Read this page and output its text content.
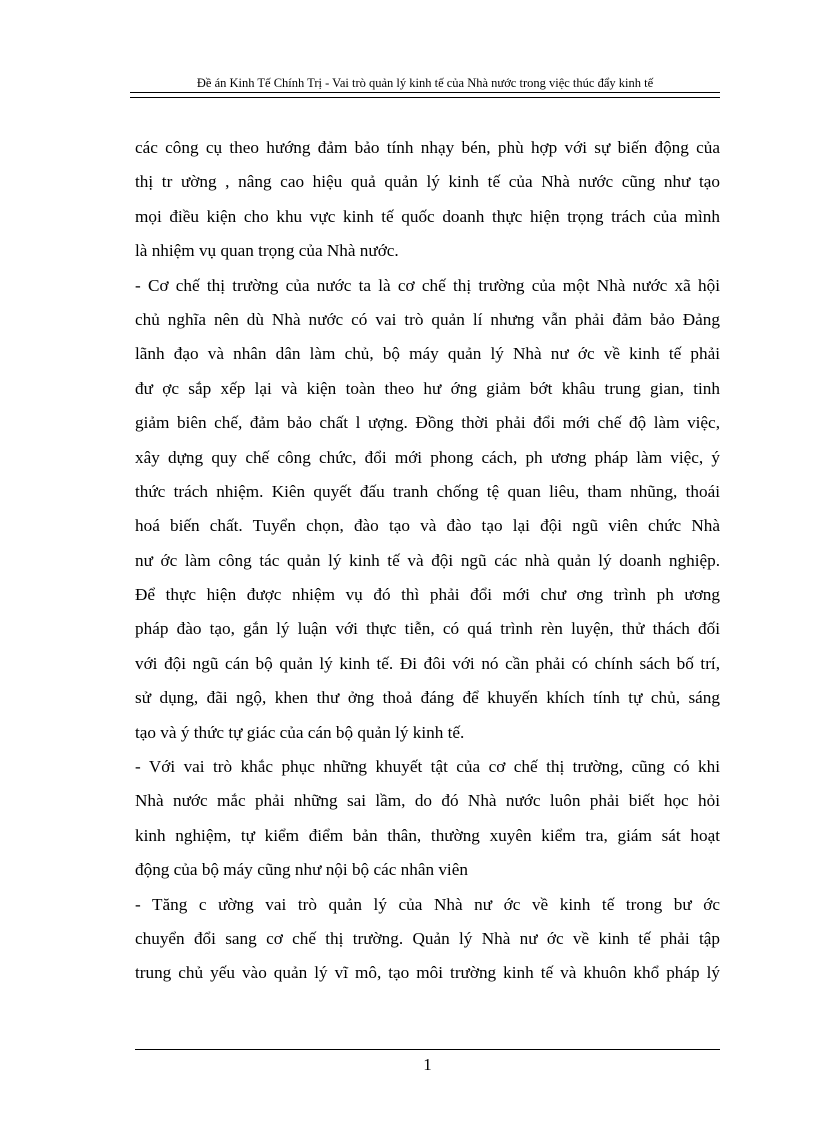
Đề án Kinh Tế Chính Trị - Vai trò quản lý kinh tế của Nhà nước trong việc thúc đẩy kinh tế
các công cụ theo hướng đảm bảo tính nhạy bén, phù hợp với sự biến động của
thị tr ường , nâng cao hiệu quả quản lý kinh tế của Nhà nước cũng như tạo
mọi điều kiện cho khu vực kinh tế quốc doanh thực hiện trọng trách của mình
là nhiệm vụ quan trọng của Nhà nước.
- Cơ chế thị trường của nước ta là cơ chế thị trường của một Nhà nước xã hội
chủ nghĩa nên dù Nhà nước có vai trò quản lí nhưng vẫn phải đảm bảo Đảng
lãnh đạo và nhân dân làm chủ, bộ máy quản lý Nhà nư ớc về kinh tế phải
đư ợc sắp xếp lại và kiện toàn theo hư ớng giảm bớt khâu trung gian, tinh
giảm biên chế, đảm bảo chất l ượng. Đồng thời phải đổi mới chế độ làm việc,
xây dựng quy chế công chức, đổi mới phong cách, ph ương pháp làm việc, ý
thức trách nhiệm. Kiên quyết đấu tranh chống tệ quan liêu, tham nhũng, thoái
hoá biến chất. Tuyển chọn, đào tạo và đào tạo lại đội ngũ viên chức Nhà
nư ớc làm công tác quản lý kinh tế và đội ngũ các nhà quản lý doanh nghiệp.
Để thực hiện được nhiệm vụ đó thì phải đổi mới chư ơng trình ph ương
pháp đào tạo, gắn lý luận với thực tiễn, có quá trình rèn luyện, thử thách đối
với đội ngũ cán bộ quản lý kinh tế. Đi đôi với nó cần phải có chính sách bố trí,
sử dụng, đãi ngộ, khen thư ởng thoả đáng để khuyến khích tính tự chủ, sáng
tạo và ý thức tự giác của cán bộ quản lý kinh tế.
- Với vai trò khắc phục những khuyết tật của cơ chế thị trường, cũng có khi
Nhà nước mắc phải những sai lầm, do đó Nhà nước luôn phải biết học hỏi
kinh nghiệm, tự kiểm điểm bản thân, thường xuyên kiểm tra, giám sát hoạt
động của bộ máy cũng như nội bộ các nhân viên
- Tăng c ường vai trò quản lý của Nhà nư ớc về kinh tế trong bư ớc
chuyển đổi sang cơ chế thị trường. Quản lý Nhà nư ớc về kinh tế phải tập
trung chủ yếu vào quản lý vĩ mô, tạo môi trường kinh tế và khuôn khổ pháp lý
1
